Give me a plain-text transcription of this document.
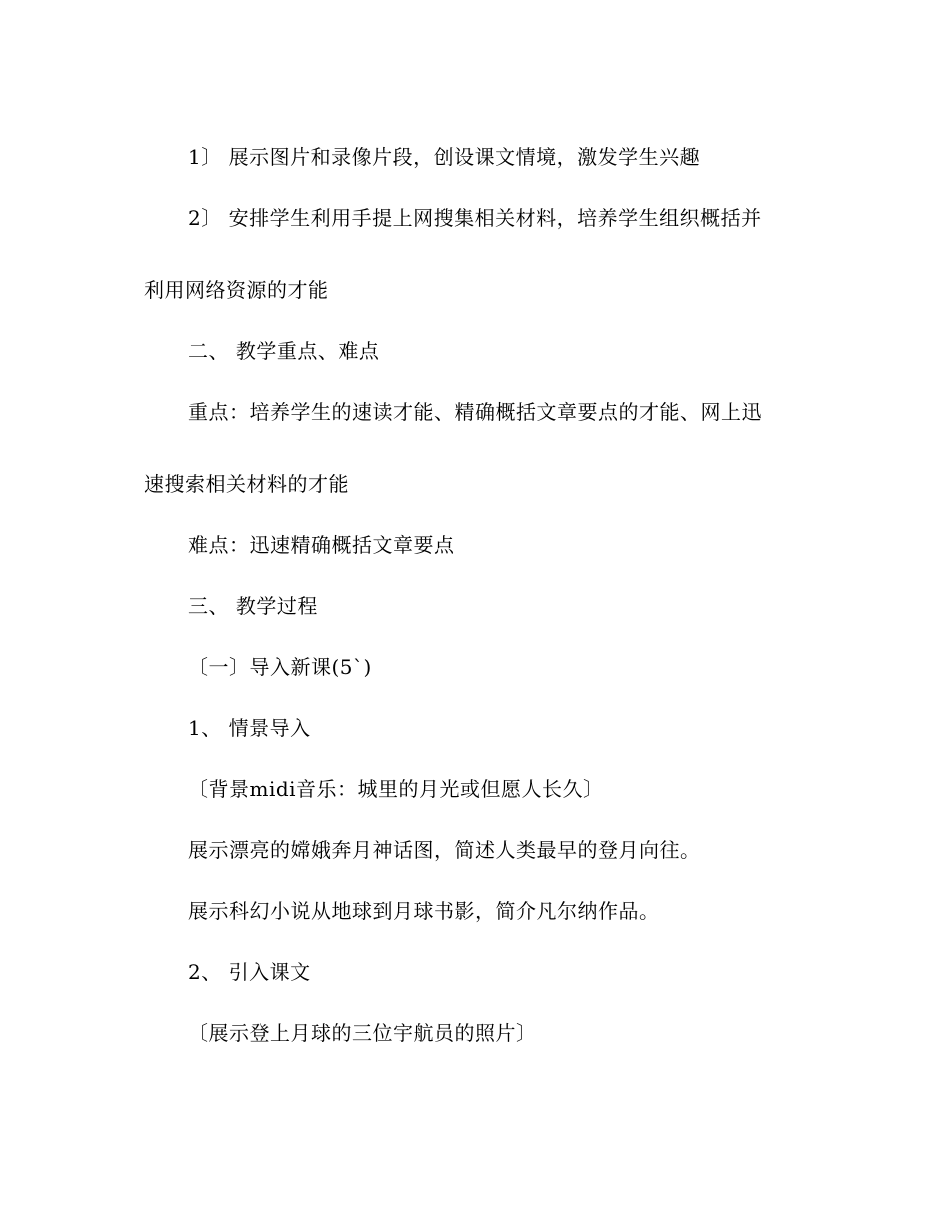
1〕 展示图片和录像片段，创设课文情境，激发学生兴趣
2〕 安排学生利用手提上网搜集相关材料，培养学生组织概括并
利用网络资源的才能
二、 教学重点、难点
重点：培养学生的速读才能、精确概括文章要点的才能、网上迅
速搜索相关材料的才能
难点：迅速精确概括文章要点
三、 教学过程
〔一〕导入新课(5`)
1、 情景导入
〔背景midi音乐：城里的月光或但愿人长久〕
展示漂亮的嫦娥奔月神话图，简述人类最早的登月向往。
展示科幻小说从地球到月球书影，简介凡尔纳作品。
2、 引入课文
〔展示登上月球的三位宇航员的照片〕
